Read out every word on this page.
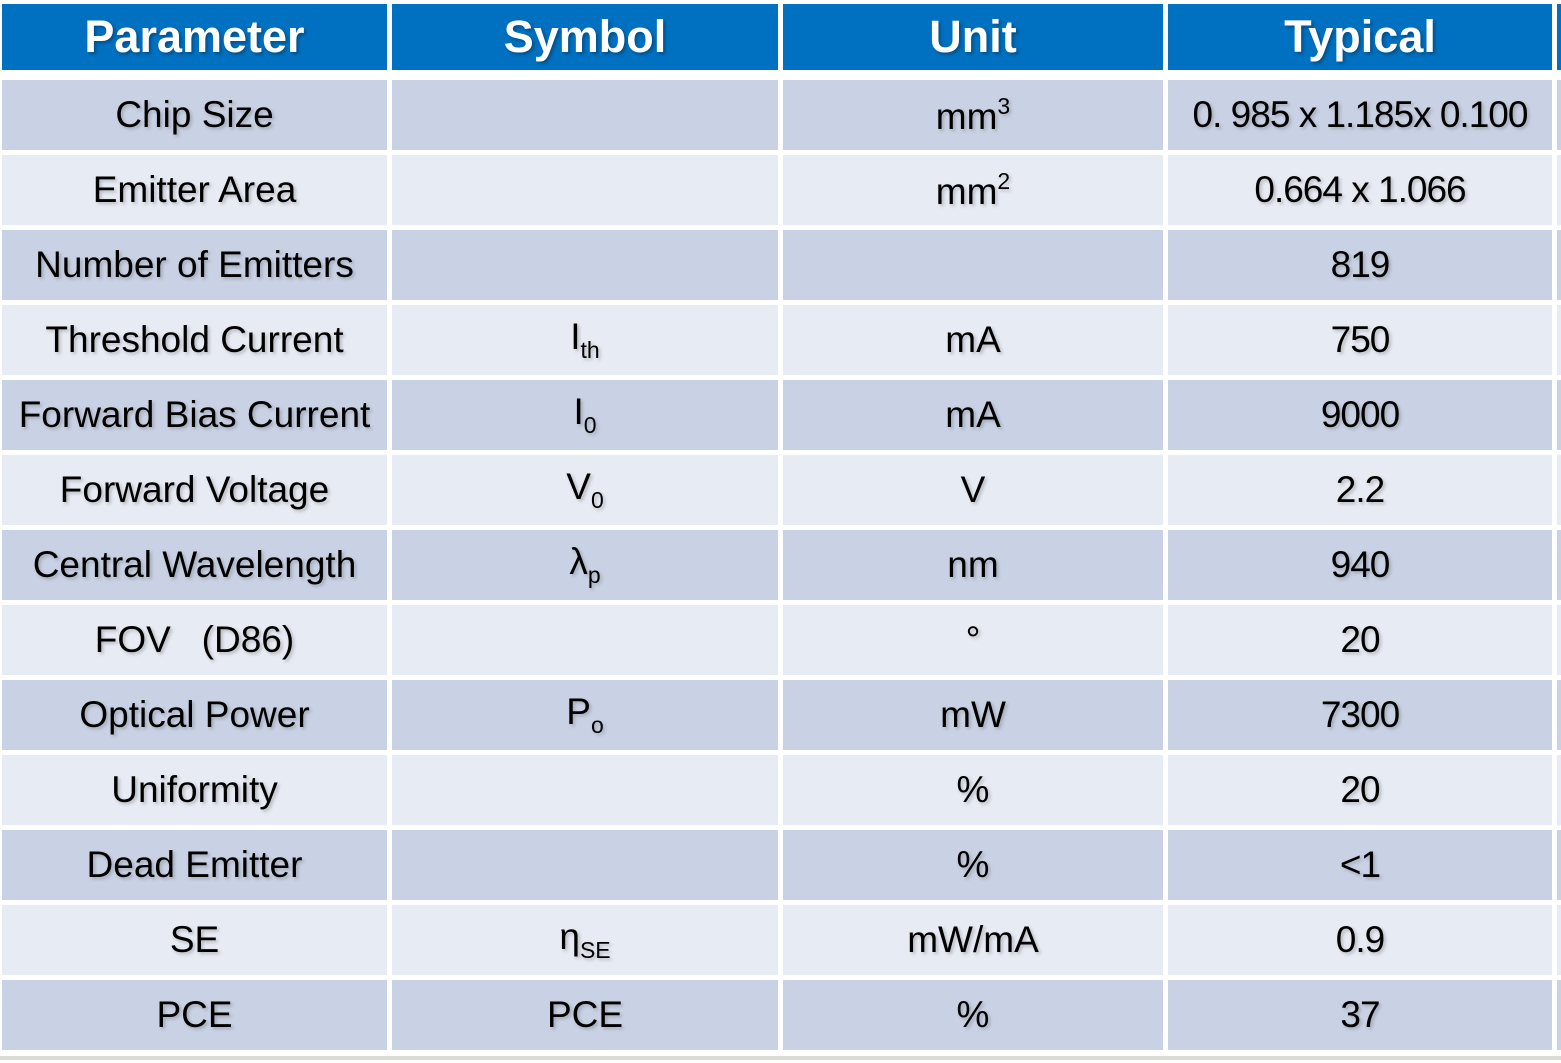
Parameter	Symbol	Unit	Typical
Chip Size		$mm^3$	0. 985 x 1.185x 0.100
Emitter Area		$mm^2$	0.664 x 1.066
Number of Emitters			819
Threshold Current	$I_{th}$	mA	750
Forward Bias Current	$I_0$	mA	9000
Forward Voltage	$V_0$	V	2.2
Central Wavelength	$\lambda_p$	nm	940
FOV   (D86)		°	20
Optical Power	$P_o$	mW	7300
Uniformity		%	20
Dead Emitter		%	<1
SE	$\eta_{SE}$	mW/mA	0.9
PCE	PCE	%	37
